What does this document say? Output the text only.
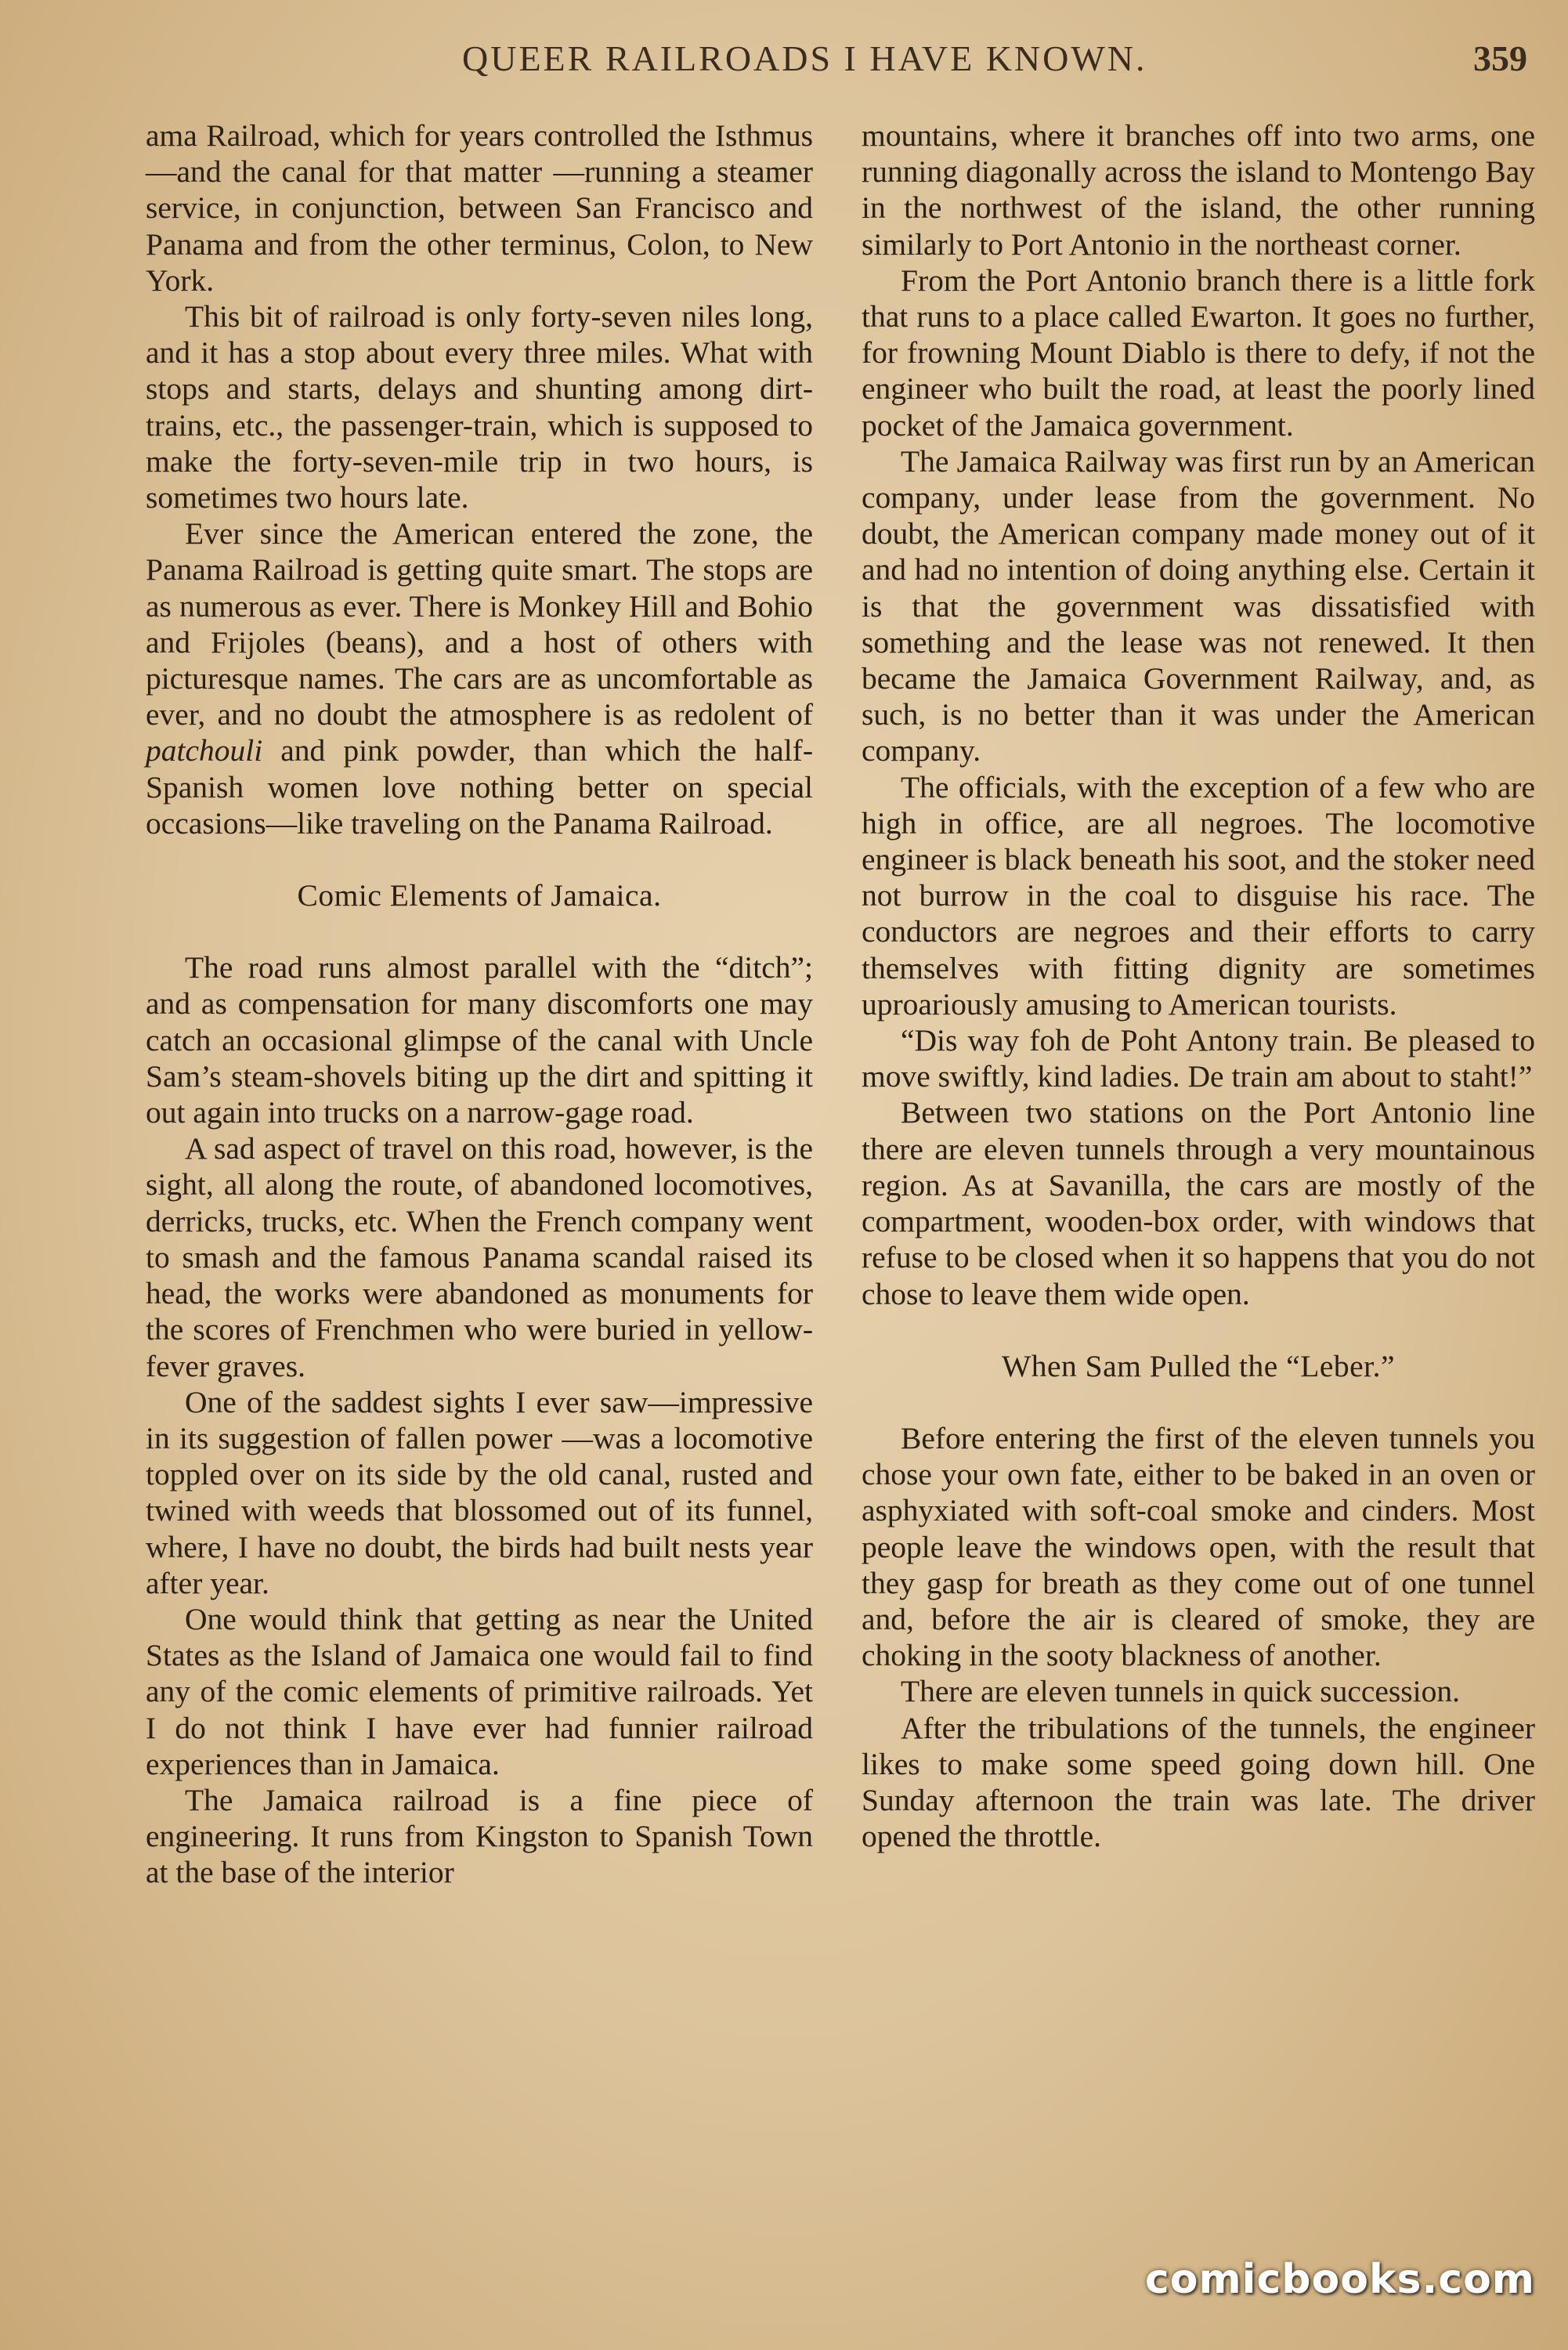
QUEER RAILROADS I HAVE KNOWN.	359

ama Railroad, which for years controlled the Isthmus—and the canal for that matter —running a steamer service, in conjunction, between San Francisco and Panama and from the other terminus, Colon, to New York.

This bit of railroad is only forty-seven niles long, and it has a stop about every three miles. What with stops and starts, delays and shunting among dirt-trains, etc., the passenger-train, which is supposed to make the forty-seven-mile trip in two hours, is sometimes two hours late.

Ever since the American entered the zone, the Panama Railroad is getting quite smart. The stops are as numerous as ever. There is Monkey Hill and Bohio and Frijoles (beans), and a host of others with picturesque names. The cars are as uncomfortable as ever, and no doubt the atmosphere is as redolent of patchouli and pink powder, than which the half-Spanish women love nothing better on special occasions—like traveling on the Panama Railroad.

Comic Elements of Jamaica.

The road runs almost parallel with the “ditch”; and as compensation for many discomforts one may catch an occasional glimpse of the canal with Uncle Sam’s steam-shovels biting up the dirt and spitting it out again into trucks on a narrow-gage road.

A sad aspect of travel on this road, however, is the sight, all along the route, of abandoned locomotives, derricks, trucks, etc. When the French company went to smash and the famous Panama scandal raised its head, the works were abandoned as monuments for the scores of Frenchmen who were buried in yellow-fever graves.

One of the saddest sights I ever saw—impressive in its suggestion of fallen power —was a locomotive toppled over on its side by the old canal, rusted and twined with weeds that blossomed out of its funnel, where, I have no doubt, the birds had built nests year after year.

One would think that getting as near the United States as the Island of Jamaica one would fail to find any of the comic elements of primitive railroads. Yet I do not think I have ever had funnier railroad experiences than in Jamaica.

The Jamaica railroad is a fine piece of engineering. It runs from Kingston to Spanish Town at the base of the interior

mountains, where it branches off into two arms, one running diagonally across the island to Montengo Bay in the northwest of the island, the other running similarly to Port Antonio in the northeast corner.

From the Port Antonio branch there is a little fork that runs to a place called Ewarton. It goes no further, for frowning Mount Diablo is there to defy, if not the engineer who built the road, at least the poorly lined pocket of the Jamaica government.

The Jamaica Railway was first run by an American company, under lease from the government. No doubt, the American company made money out of it and had no intention of doing anything else. Certain it is that the government was dissatisfied with something and the lease was not renewed. It then became the Jamaica Government Railway, and, as such, is no better than it was under the American company.

The officials, with the exception of a few who are high in office, are all negroes. The locomotive engineer is black beneath his soot, and the stoker need not burrow in the coal to disguise his race. The conductors are negroes and their efforts to carry themselves with fitting dignity are sometimes uproariously amusing to American tourists.

“Dis way foh de Poht Antony train. Be pleased to move swiftly, kind ladies. De train am about to staht!”

Between two stations on the Port Antonio line there are eleven tunnels through a very mountainous region. As at Savanilla, the cars are mostly of the compartment, wooden-box order, with windows that refuse to be closed when it so happens that you do not chose to leave them wide open.

When Sam Pulled the “Leber.”

Before entering the first of the eleven tunnels you chose your own fate, either to be baked in an oven or asphyxiated with soft-coal smoke and cinders. Most people leave the windows open, with the result that they gasp for breath as they come out of one tunnel and, before the air is cleared of smoke, they are choking in the sooty blackness of another.

There are eleven tunnels in quick succession.

After the tribulations of the tunnels, the engineer likes to make some speed going down hill. One Sunday afternoon the train was late. The driver opened the throttle.

comicbooks.com
